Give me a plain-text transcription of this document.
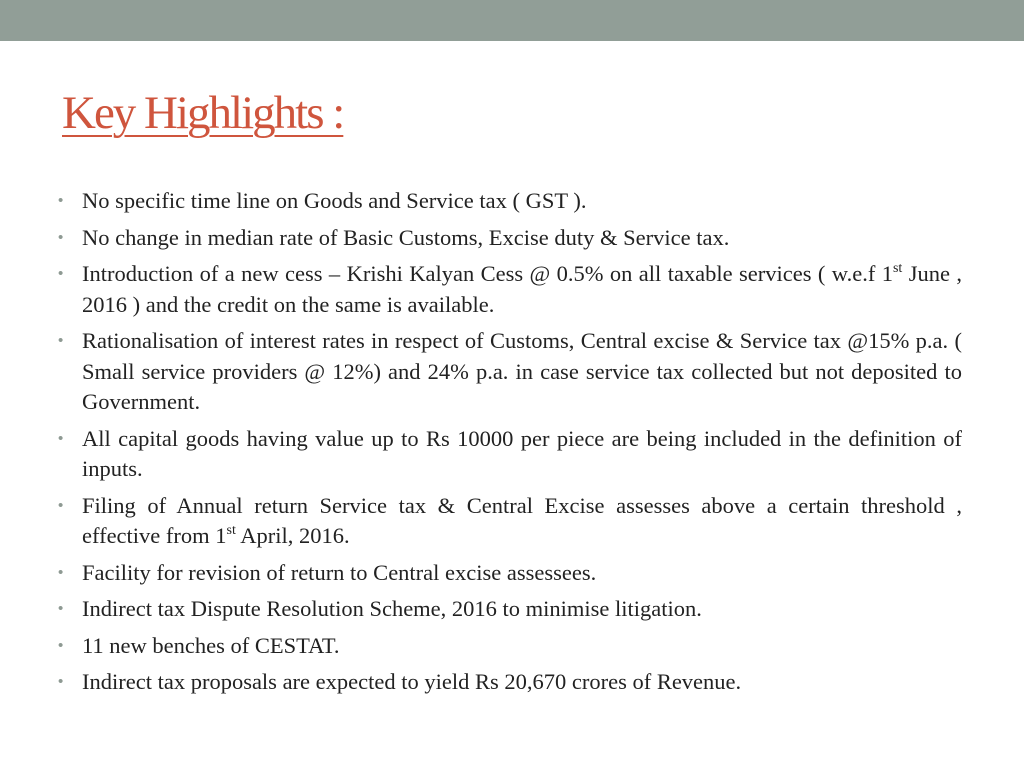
Key Highlights :
• No specific time line on Goods and Service tax ( GST ).
• No change in median rate of Basic Customs, Excise duty & Service tax.
• Introduction of a new cess – Krishi Kalyan Cess @ 0.5% on all taxable services ( w.e.f 1st June , 2016 ) and the credit on the same is available.
• Rationalisation of interest rates in respect of Customs, Central excise & Service tax @15% p.a. ( Small service providers @ 12%) and 24% p.a. in case service tax collected but not deposited to Government.
• All capital goods having value up to Rs 10000 per piece are being included in the definition of inputs.
• Filing of Annual return Service tax & Central Excise assesses above a certain threshold , effective from 1st April, 2016.
• Facility for revision of return to Central excise assessees.
• Indirect tax Dispute Resolution Scheme, 2016 to minimise litigation.
• 11 new benches of CESTAT.
• Indirect tax proposals are expected to yield Rs 20,670 crores of Revenue.
